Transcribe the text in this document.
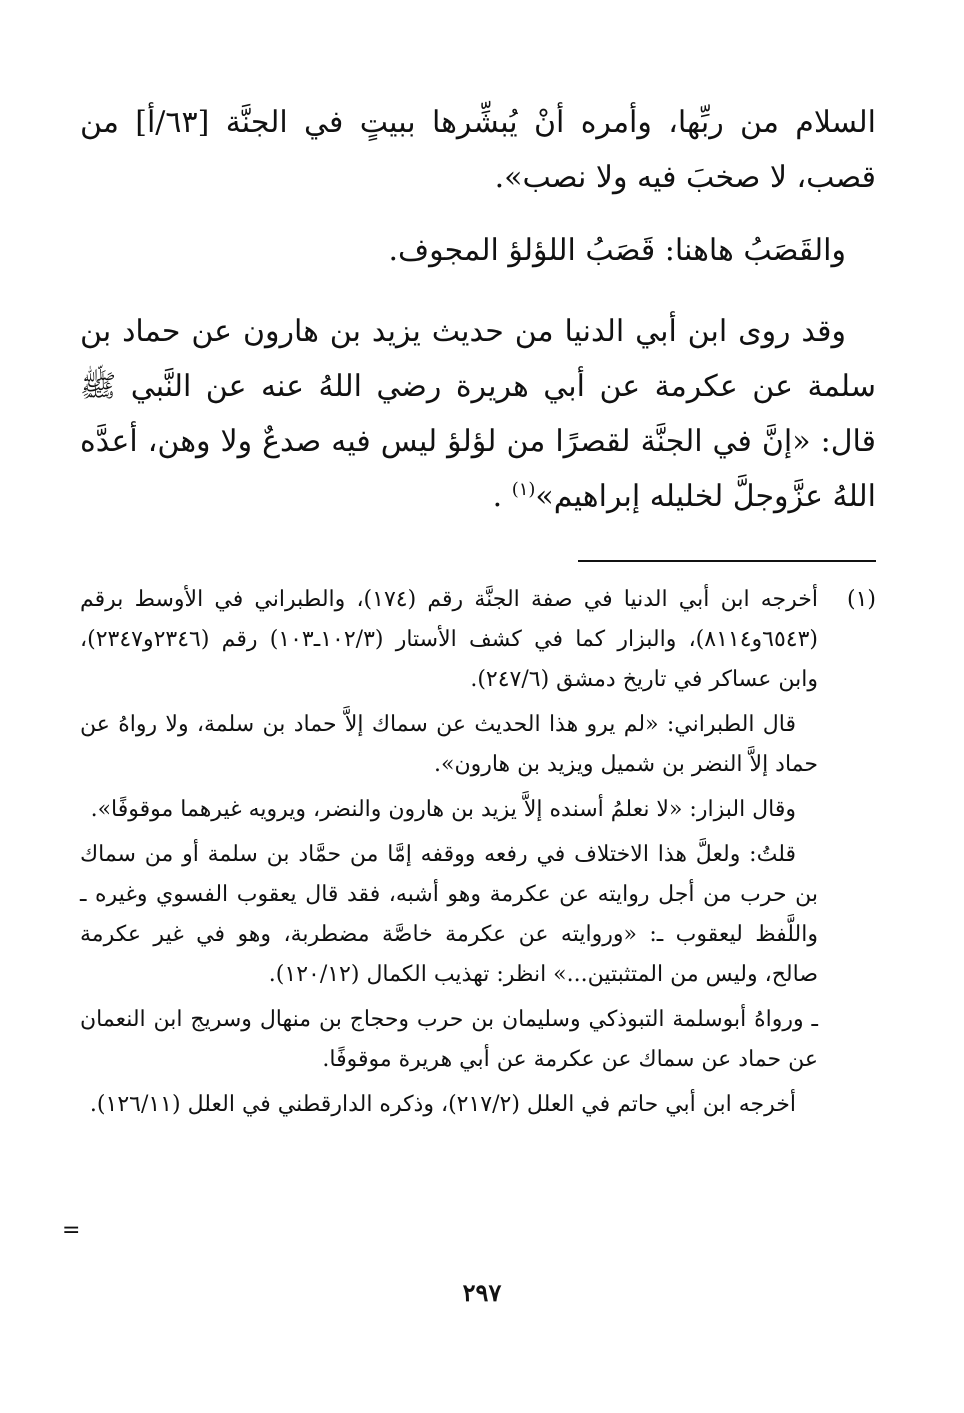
السلام من ربِّها، وأمره أنْ يُبشِّرها ببيتٍ في الجنَّة [٦٣/أ] من قصب، لا صخبَ فيه ولا نصب».

والقَصَبُ هاهنا: قَصَبُ اللؤلؤ المجوف.

وقد روى ابن أبي الدنيا من حديث يزيد بن هارون عن حماد بن سلمة عن عكرمة عن أبي هريرة رضي اللهُ عنه عن النَّبي ﷺ قال: «إنَّ في الجنَّة لقصرًا من لؤلؤ ليس فيه صدعٌ ولا وهن، أعدَّه اللهُ عزَّوجلَّ لخليله إبراهيم»$^{(١)}$ .

(١)

أخرجه ابن أبي الدنيا في صفة الجنَّة رقم (١٧٤)، والطبراني في الأوسط برقم (٦٥٤٣و٨١١٤)، والبزار كما في كشف الأستار (١٠٢/٣ـ١٠٣) رقم (٢٣٤٦و٢٣٤٧)، وابن عساكر في تاريخ دمشق (٢٤٧/٦).

قال الطبراني: «لم يرو هذا الحديث عن سماك إلاَّ حماد بن سلمة، ولا رواهُ عن حماد إلاَّ النضر بن شميل ويزيد بن هارون».

وقال البزار: «لا نعلمُ أسنده إلاَّ يزيد بن هارون والنضر، ويرويه غيرهما موقوفًا».

قلتُ: ولعلَّ هذا الاختلاف في رفعه ووقفه إمَّا من حمَّاد بن سلمة أو من سماك بن حرب من أجل روايته عن عكرمة وهو أشبه، فقد قال يعقوب الفسوي وغيره ـ واللَّفظ ليعقوب ـ: «وروايته عن عكرمة خاصَّة مضطربة، وهو في غير عكرمة صالح، وليس من المتثبتين...» انظر: تهذيب الكمال (١٢٠/١٢).

ـ ورواهُ أبوسلمة التبوذكي وسليمان بن حرب وحجاج بن منهال وسريج ابن النعمان عن حماد عن سماك عن عكرمة عن أبي هريرة موقوفًا.

أخرجه ابن أبي حاتم في العلل (٢١٧/٢)، وذكره الدارقطني في العلل (١٢٦/١١).

=
٢٩٧
